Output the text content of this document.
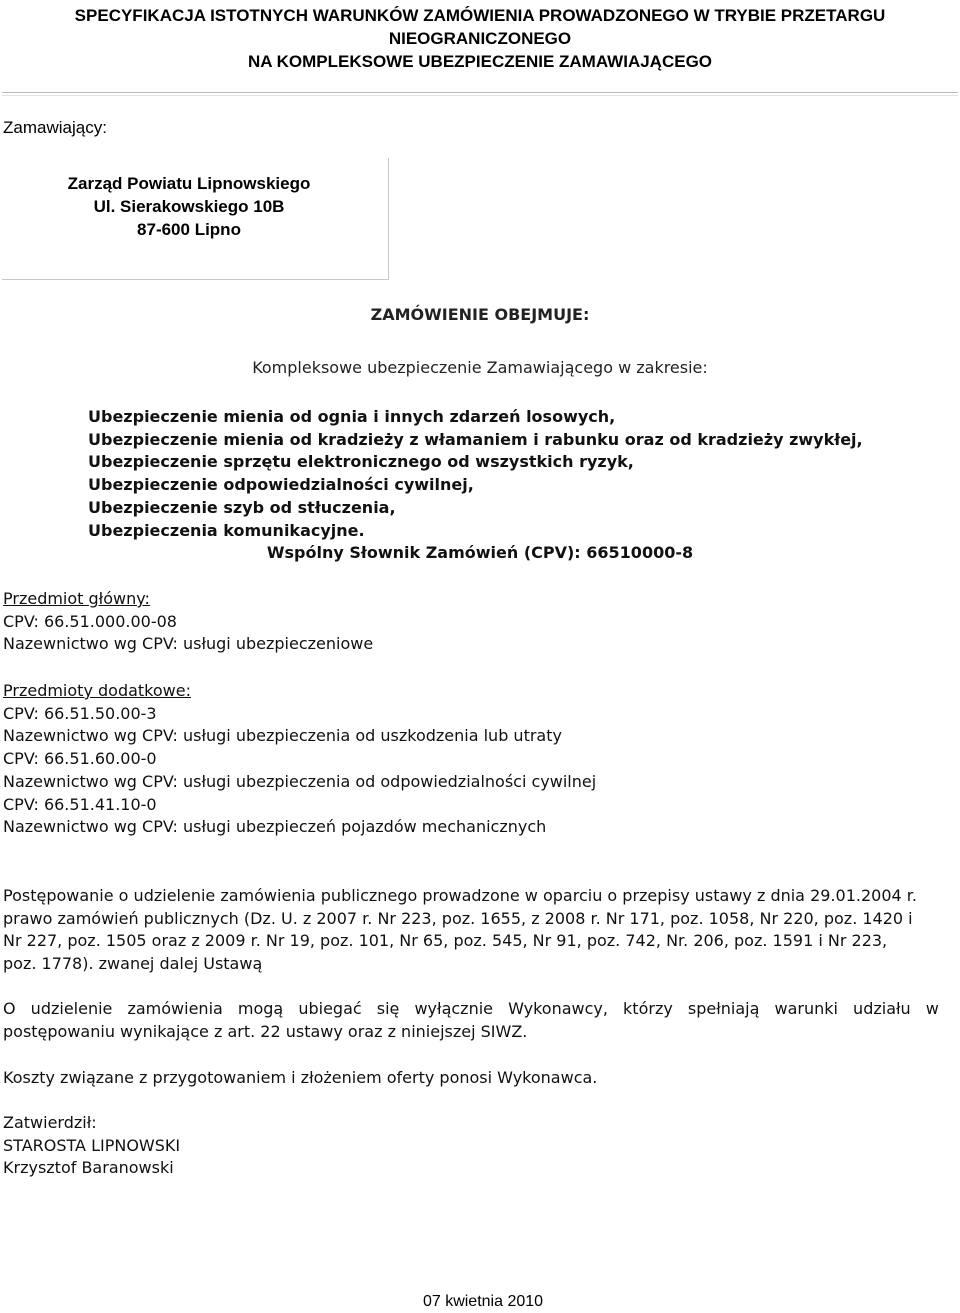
SPECYFIKACJA ISTOTNYCH WARUNKÓW ZAMÓWIENIA PROWADZONEGO W TRYBIE PRZETARGU
NIEOGRANICZONEGO
NA KOMPLEKSOWE UBEZPIECZENIE ZAMAWIAJĄCEGO
Zamawiający:
Zarząd Powiatu Lipnowskiego
Ul. Sierakowskiego 10B
87-600 Lipno
ZAMÓWIENIE OBEJMUJE:
Kompleksowe ubezpieczenie Zamawiającego w zakresie:
Ubezpieczenie mienia od ognia i innych zdarzeń losowych,
Ubezpieczenie mienia od kradzieży z włamaniem i rabunku oraz od kradzieży zwykłej,
Ubezpieczenie sprzętu elektronicznego od wszystkich ryzyk,
Ubezpieczenie odpowiedzialności cywilnej,
Ubezpieczenie szyb od stłuczenia,
Ubezpieczenia komunikacyjne.
Wspólny Słownik Zamówień (CPV): 66510000-8
Przedmiot główny:
CPV: 66.51.000.00-08
Nazewnictwo wg CPV: usługi ubezpieczeniowe
Przedmioty dodatkowe:
CPV: 66.51.50.00-3
Nazewnictwo wg CPV: usługi ubezpieczenia od uszkodzenia lub utraty
CPV: 66.51.60.00-0
Nazewnictwo wg CPV: usługi ubezpieczenia od odpowiedzialności cywilnej
CPV: 66.51.41.10-0
Nazewnictwo wg CPV: usługi ubezpieczeń pojazdów mechanicznych
Postępowanie o udzielenie zamówienia publicznego prowadzone w oparciu o przepisy ustawy z dnia 29.01.2004 r.
prawo zamówień publicznych (Dz. U. z 2007 r. Nr 223, poz. 1655, z 2008 r. Nr 171, poz. 1058, Nr 220, poz. 1420 i
Nr 227, poz. 1505 oraz z 2009 r. Nr 19, poz. 101, Nr 65, poz. 545, Nr 91, poz. 742, Nr. 206, poz. 1591 i Nr 223,
poz. 1778). zwanej dalej Ustawą
O udzielenie zamówienia mogą ubiegać się wyłącznie Wykonawcy, którzy spełniają warunki udziału w
postępowaniu wynikające z art. 22 ustawy oraz z niniejszej SIWZ.
Koszty związane z przygotowaniem i złożeniem oferty ponosi Wykonawca.
Zatwierdził:
STAROSTA LIPNOWSKI
Krzysztof Baranowski
07 kwietnia 2010
